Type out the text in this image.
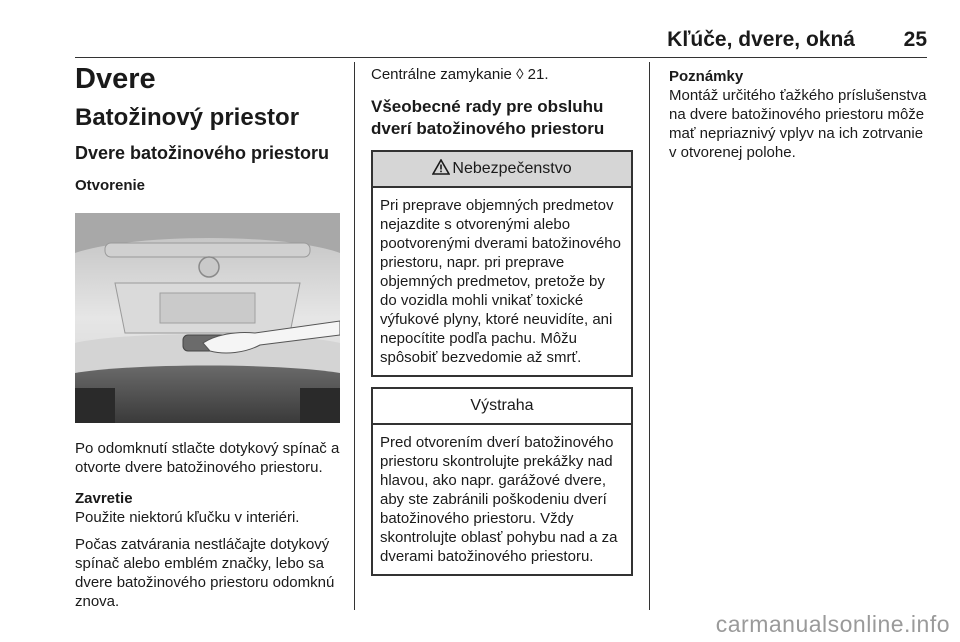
Kľúče, dvere, okná 25
Dvere
Batožinový priestor
Dvere batožinového priestoru
Otvorenie

Po odomknutí stlačte dotykový spínač a otvorte dvere batožinového priestoru.

Zavretie

Použite niektorú kľučku v interiéri.

Počas zatvárania nestláčajte dotykový spínač alebo emblém značky, lebo sa dvere batožinového priestoru odomknú znova.

Centrálne zamykanie ◊ 21.

Všeobecné rady pre obsluhu dverí batožinového priestoru

Nebezpečenstvo
Pri preprave objemných predmetov nejazdite s otvorenými alebo pootvorenými dverami batožinového priestoru, napr. pri preprave objemných predmetov, pretože by do vozidla mohli vnikať toxické výfukové plyny, ktoré neuvidíte, ani nepocítite podľa pachu. Môžu spôsobiť bezvedomie až smrť.
Výstraha
Pred otvorením dverí batožinového priestoru skontrolujte prekážky nad hlavou, ako napr. garážové dvere, aby ste zabránili poškodeniu dverí batožinového priestoru. Vždy skontrolujte oblasť pohybu nad a za dverami batožinového priestoru.
Poznámky

Montáž určitého ťažkého príslušenstva na dvere batožinového priestoru môže mať nepriaznivý vplyv na ich zotrvanie v otvorenej polohe.

carmanualsonline.info
